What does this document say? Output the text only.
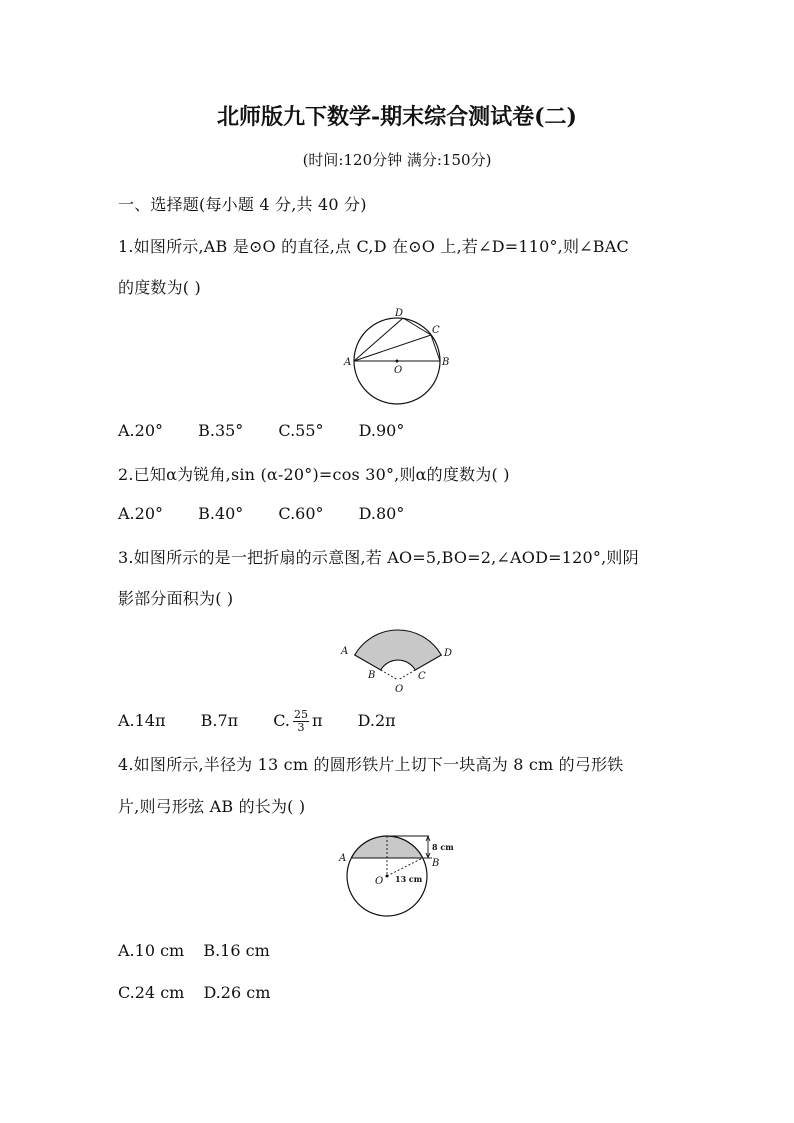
北师版九下数学-期末综合测试卷(二)
(时间:120分钟 满分:150分)
一、选择题(每小题 4 分,共 40 分)
1.如图所示,AB 是⊙O 的直径,点 C,D 在⊙O 上,若∠D=110°,则∠BAC
的度数为( )
D
C
A	B
O
A.20° B.35° C.55° D.90°
2.已知α为锐角,sin (α-20°)=cos 30°,则α的度数为( )
A.20° B.40° C.60° D.80°
3.如图所示的是一把折扇的示意图,若 AO=5,BO=2,∠AOD=120°,则阴
影部分面积为( )
A	D
B	C
O
A.14π B.7π C. $\frac{25}{3}$ π D.2π
4.如图所示,半径为 13 cm 的圆形铁片上切下一块高为 8 cm 的弓形铁
片,则弓形弦 AB 的长为( )
A	B
O
8 cm
13 cm
A.10 cm B.16 cm
C.24 cm D.26 cm
